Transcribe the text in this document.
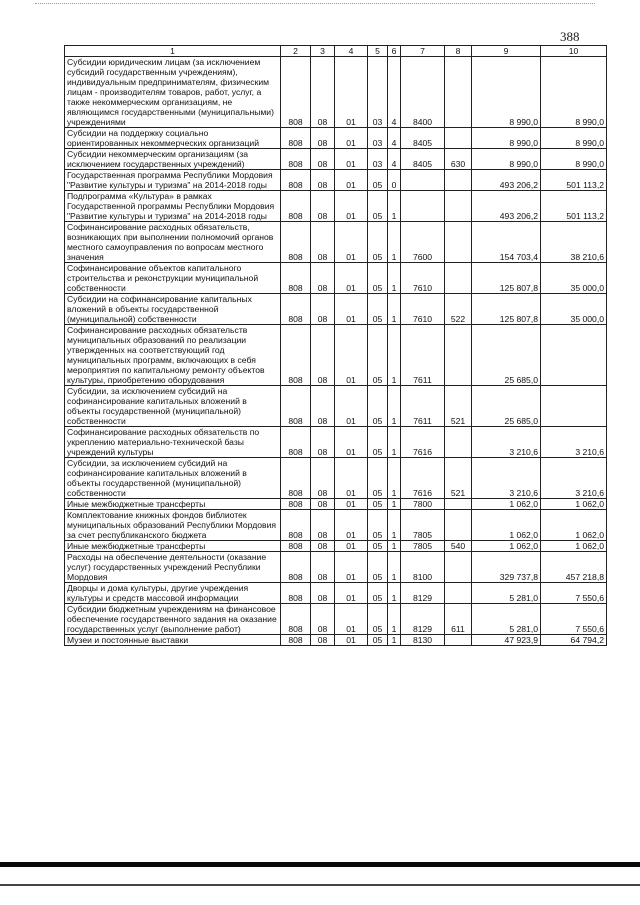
388
1	2	3	4	5	6	7	8	9	10
Субсидии юридическим лицам (за исключением субсидий государственным учреждениям), индивидуальным предпринимателям, физическим лицам - производителям товаров, работ, услуг, а также некоммерческим организациям, не являющимся государственными (муниципальными) учреждениями	808	08	01	03	4	8400		8 990,0	8 990,0
Субсидии на поддержку социально ориентированных некоммерческих организаций	808	08	01	03	4	8405		8 990,0	8 990,0
Субсидии некоммерческим организациям (за исключением государственных учреждений)	808	08	01	03	4	8405	630	8 990,0	8 990,0
Государственная программа Республики Мордовия "Развитие культуры и туризма" на 2014-2018 годы	808	08	01	05	0			493 206,2	501 113,2
Подпрограмма «Культура» в рамках Государственной программы Республики Мордовия "Развитие культуры и туризма" на 2014-2018 годы	808	08	01	05	1			493 206,2	501 113,2
Софинансирование расходных обязательств, возникающих при выполнении полномочий органов местного самоуправления по вопросам местного значения	808	08	01	05	1	7600		154 703,4	38 210,6
Софинансирование объектов капитального строительства и реконструкции муниципальной собственности	808	08	01	05	1	7610		125 807,8	35 000,0
Субсидии на софинансирование капитальных вложений в объекты государственной (муниципальной) собственности	808	08	01	05	1	7610	522	125 807,8	35 000,0
Софинансирование расходных обязательств муниципальных образований по реализации утвержденных на соответствующий год муниципальных программ, включающих в себя мероприятия по капитальному ремонту объектов культуры, приобретению оборудования	808	08	01	05	1	7611		25 685,0	
Субсидии, за исключением субсидий на софинансирование капитальных вложений в объекты государственной (муниципальной) собственности	808	08	01	05	1	7611	521	25 685,0	
Софинансирование расходных обязательств по укреплению материально-технической базы учреждений культуры	808	08	01	05	1	7616		3 210,6	3 210,6
Субсидии, за исключением субсидий на софинансирование капитальных вложений в объекты государственной (муниципальной) собственности	808	08	01	05	1	7616	521	3 210,6	3 210,6
Иные межбюджетные трансферты	808	08	01	05	1	7800		1 062,0	1 062,0
Комплектование книжных фондов библиотек муниципальных образований Республики Мордовия за счет республиканского бюджета	808	08	01	05	1	7805		1 062,0	1 062,0
Иные межбюджетные трансферты	808	08	01	05	1	7805	540	1 062,0	1 062,0
Расходы на обеспечение деятельности (оказание услуг) государственных учреждений Республики Мордовия	808	08	01	05	1	8100		329 737,8	457 218,8
Дворцы и дома культуры, другие учреждения культуры и средств массовой информации	808	08	01	05	1	8129		5 281,0	7 550,6
Субсидии бюджетным учреждениям на финансовое обеспечение государственного задания на оказание государственных услуг (выполнение работ)	808	08	01	05	1	8129	611	5 281,0	7 550,6
Музеи и постоянные выставки	808	08	01	05	1	8130		47 923,9	64 794,2
